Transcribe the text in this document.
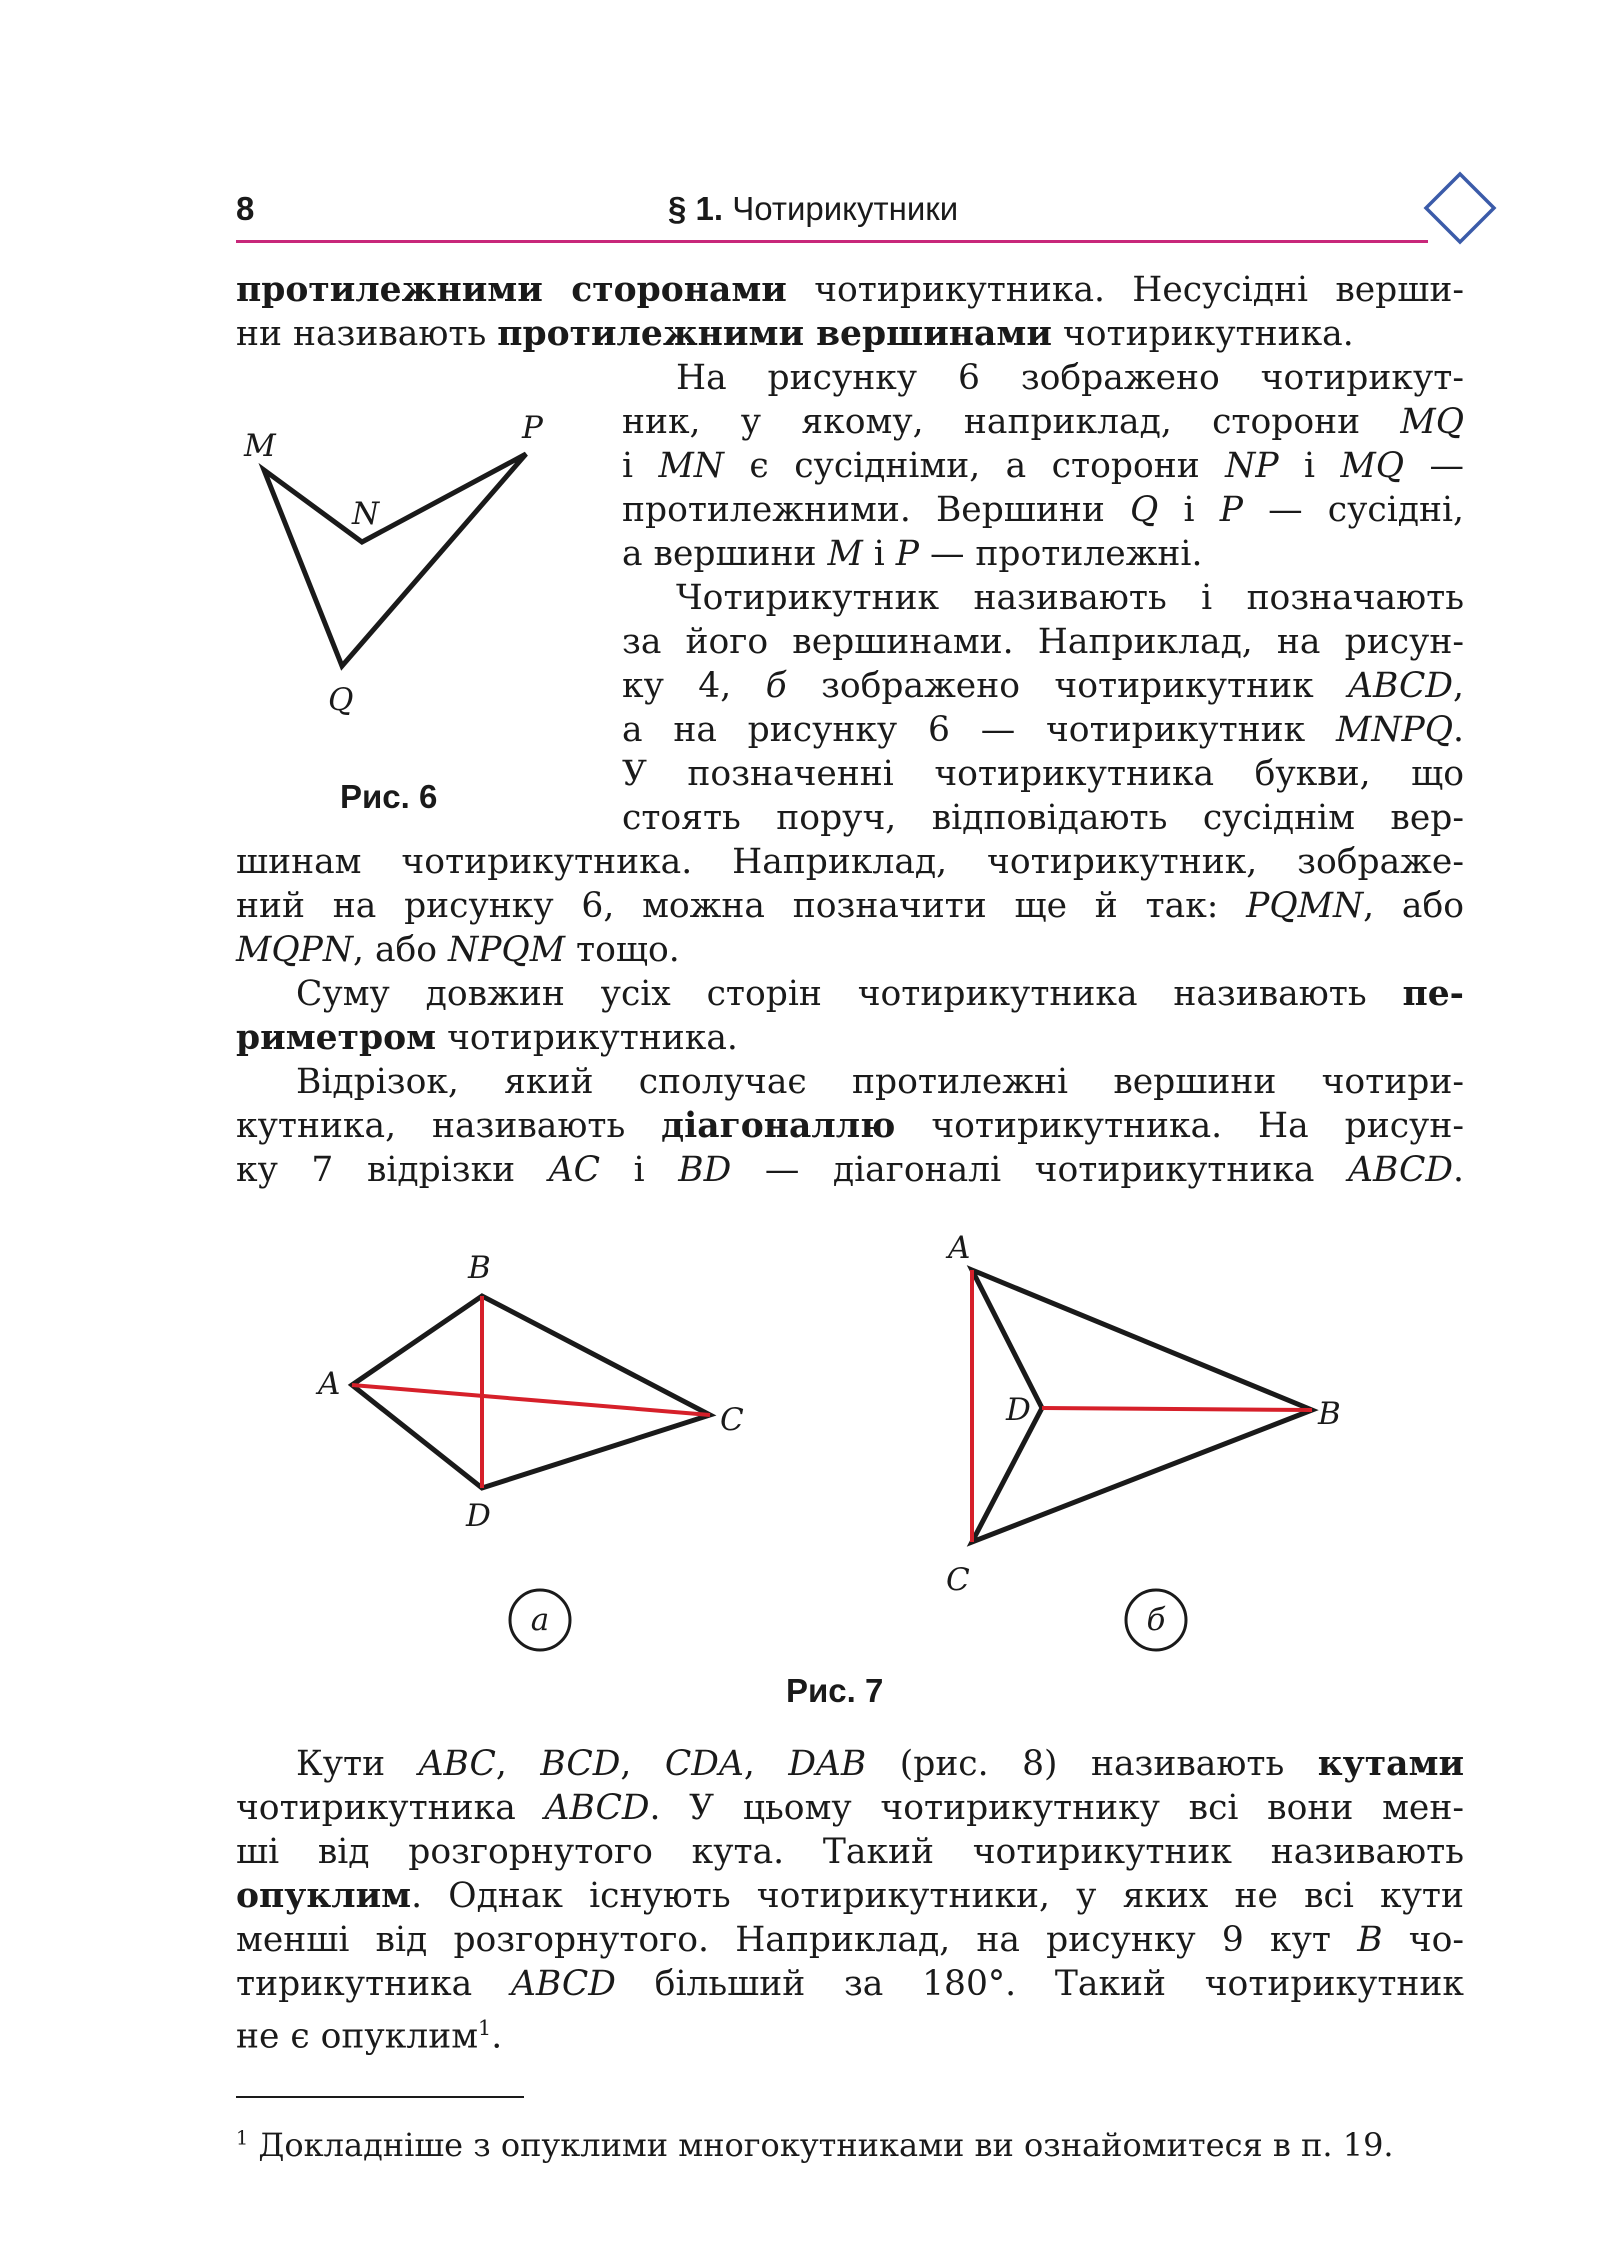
8	§ 1. Чотирикутники
протилежними сторонами чотирикутника. Несусідні верши-
ни називають протилежними вершинами чотирикутника.
На рисунку 6 зображено чотирикут-
ник, у якому, наприклад, сторони MQ
і MN є сусідніми, а сторони NP і MQ —
протилежними. Вершини Q і P — сусідні,
а вершини M і P — протилежні.
Чотирикутник називають і позначають
за його вершинами. Наприклад, на рисун-
ку 4, б зображено чотирикутник ABCD,
а на рисунку 6 — чотирикутник MNPQ.
У позначенні чотирикутника букви, що
стоять поруч, відповідають сусіднім вер-
шинам чотирикутника. Наприклад, чотирикутник, зображе-
ний на рисунку 6, можна позначити ще й так: PQMN, або
MQPN, або NPQM тощо.
Суму довжин усіх сторін чотирикутника називають пе-
риметром чотирикутника.
Відрізок, який сполучає протилежні вершини чотири-
кутника, називають діагоналлю чотирикутника. На рисун-
ку 7 відрізки AC і BD — діагоналі чотирикутника ABCD.
Кути ABC, BCD, CDA, DAB (рис. 8) називають кутами
чотирикутника ABCD. У цьому чотирикутнику всі вони мен-
ші від розгорнутого кута. Такий чотирикутник називають
опуклим. Однак існують чотирикутники, у яких не всі кути
менші від розгорнутого. Наприклад, на рисунку 9 кут B чо-
тирикутника ABCD більший за 180°. Такий чотирикутник
не є опуклим$^1$.
M
N
P
Q
Рис. 6
A
B
C
D
а
A
B
C
D
б
Рис. 7
$^1$ Докладніше з опуклими многокутниками ви ознайомитеся в п. 19.
